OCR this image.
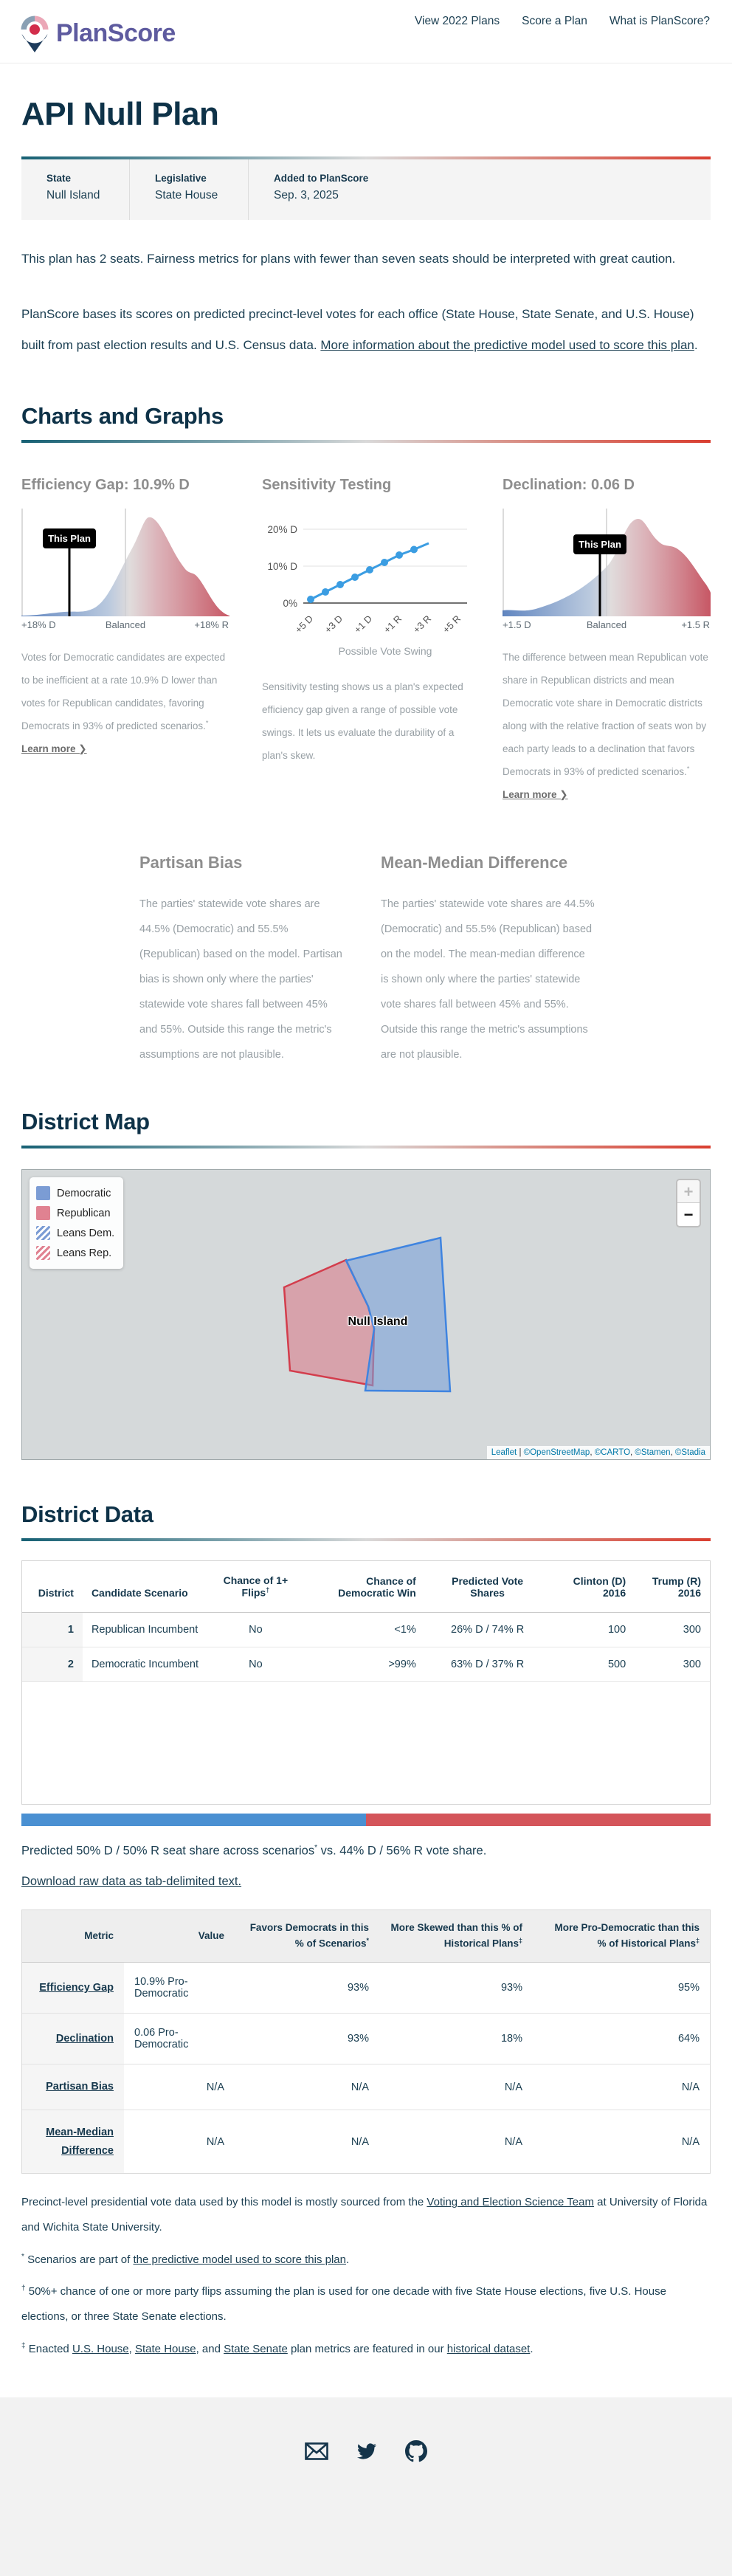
PlanScore	View 2022 Plans Score a Plan What is PlanScore?
API Null Plan
State
Null Island
Legislative
State House
Added to PlanScore
Sep. 3, 2025

This plan has 2 seats. Fairness metrics for plans with fewer than seven seats should be interpreted with great caution.

PlanScore bases its scores on predicted precinct-level votes for each office (State House, State Senate, and U.S. House) built from past election results and U.S. Census data. More information about the predictive model used to score this plan.

Charts and Graphs
Efficiency Gap: 10.9% D
This Plan
+18% D	Balanced	+18% R

Votes for Democratic candidates are expected to be inefficient at a rate 10.9% D lower than votes for Republican candidates, favoring Democrats in 93% of predicted scenarios.* Learn more ❯

Sensitivity Testing
20% D
10% D
0%
+5 D +3 D +1 D +1 R +3 R +5 R
Possible Vote Swing

Sensitivity testing shows us a plan's expected efficiency gap given a range of possible vote swings. It lets us evaluate the durability of a plan's skew.

Declination: 0.06 D
This Plan
+1.5 D	Balanced	+1.5 R

The difference between mean Republican vote share in Republican districts and mean Democratic vote share in Democratic districts along with the relative fraction of seats won by each party leads to a declination that favors Democrats in 93% of predicted scenarios.* Learn more ❯

Partisan Bias

The parties' statewide vote shares are 44.5% (Democratic) and 55.5% (Republican) based on the model. Partisan bias is shown only where the parties' statewide vote shares fall between 45% and 55%. Outside this range the metric's assumptions are not plausible.

Mean-Median Difference

The parties' statewide vote shares are 44.5% (Democratic) and 55.5% (Republican) based on the model. The mean-median difference is shown only where the parties' statewide vote shares fall between 45% and 55%. Outside this range the metric's assumptions are not plausible.

District Map
Democratic
Republican
Leans Dem.
Leans Rep.
+
−
Null Island
Leaflet | ©OpenStreetMap, ©CARTO, ©Stamen, ©Stadia
District Data
District	Candidate Scenario	Chance of 1+ Flips†	Chance of Democratic Win	Predicted Vote Shares	Clinton (D) 2016	Trump (R) 2016
1	Republican Incumbent	No	<1%	26% D / 74% R	100	300
2	Democratic Incumbent	No	>99%	63% D / 37% R	500	300

Predicted 50% D / 50% R seat share across scenarios* vs. 44% D / 56% R vote share.

Download raw data as tab-delimited text.

Metric	Value	Favors Democrats in this % of Scenarios*	More Skewed than this % of Historical Plans‡	More Pro-Democratic than this % of Historical Plans‡
Efficiency Gap	10.9% Pro-Democratic	93%	93%	95%
Declination	0.06 Pro-Democratic	93%	18%	64%
Partisan Bias	N/A	N/A	N/A	N/A
Mean-Median Difference	N/A	N/A	N/A	N/A

Precinct-level presidential vote data used by this model is mostly sourced from the Voting and Election Science Team at University of Florida and Wichita State University.

* Scenarios are part of the predictive model used to score this plan.

† 50%+ chance of one or more party flips assuming the plan is used for one decade with five State House elections, five U.S. House elections, or three State Senate elections.

‡ Enacted U.S. House, State House, and State Senate plan metrics are featured in our historical dataset.
